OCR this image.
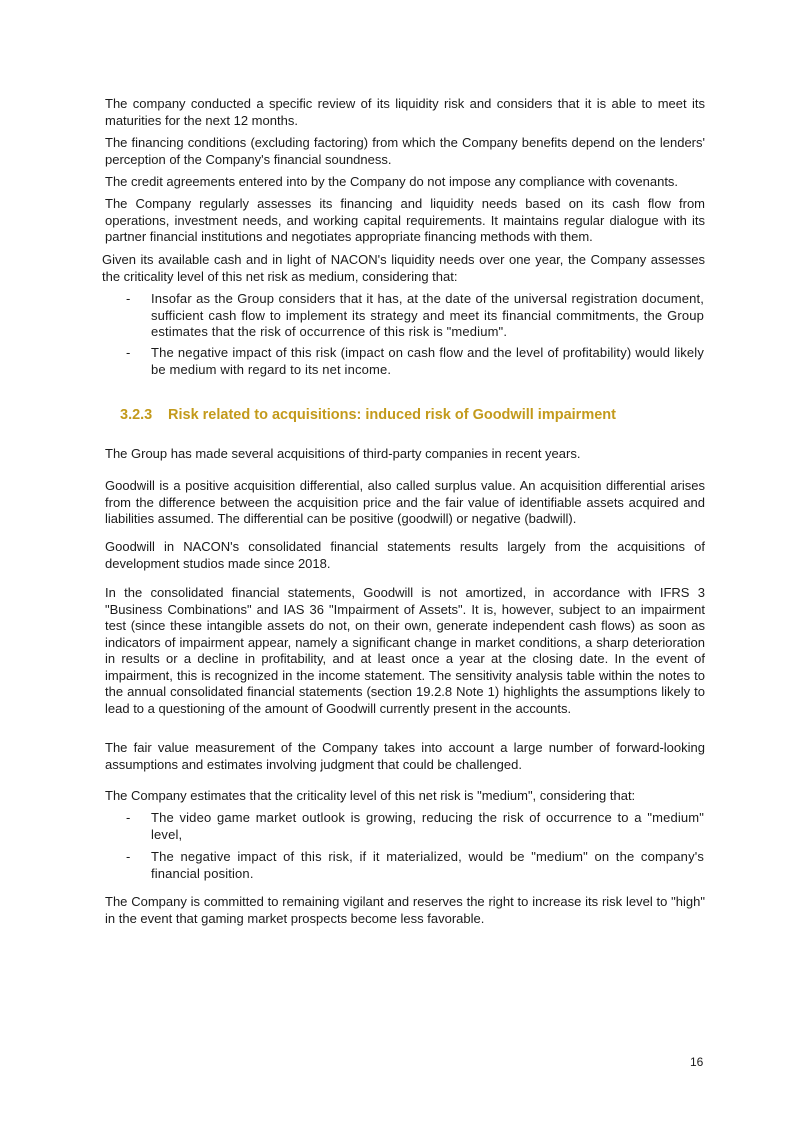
The company conducted a specific review of its liquidity risk and considers that it is able to meet its maturities for the next 12 months.

The financing conditions (excluding factoring) from which the Company benefits depend on the lenders' perception of the Company's financial soundness.

The credit agreements entered into by the Company do not impose any compliance with covenants.

The Company regularly assesses its financing and liquidity needs based on its cash flow from operations, investment needs, and working capital requirements. It maintains regular dialogue with its partner financial institutions and negotiates appropriate financing methods with them.

Given its available cash and in light of NACON's liquidity needs over one year, the Company assesses the criticality level of this net risk as medium, considering that:

- Insofar as the Group considers that it has, at the date of the universal registration document, sufficient cash flow to implement its strategy and meet its financial commitments, the Group estimates that the risk of occurrence of this risk is "medium".
- The negative impact of this risk (impact on cash flow and the level of profitability) would likely be medium with regard to its net income.
3.2.3 Risk related to acquisitions: induced risk of Goodwill impairment

The Group has made several acquisitions of third-party companies in recent years.

Goodwill is a positive acquisition differential, also called surplus value. An acquisition differential arises from the difference between the acquisition price and the fair value of identifiable assets acquired and liabilities assumed. The differential can be positive (goodwill) or negative (badwill).

Goodwill in NACON's consolidated financial statements results largely from the acquisitions of development studios made since 2018.

In the consolidated financial statements, Goodwill is not amortized, in accordance with IFRS 3 "Business Combinations" and IAS 36 "Impairment of Assets". It is, however, subject to an impairment test (since these intangible assets do not, on their own, generate independent cash flows) as soon as indicators of impairment appear, namely a significant change in market conditions, a sharp deterioration in results or a decline in profitability, and at least once a year at the closing date. In the event of impairment, this is recognized in the income statement. The sensitivity analysis table within the notes to the annual consolidated financial statements (section 19.2.8 Note 1) highlights the assumptions likely to lead to a questioning of the amount of Goodwill currently present in the accounts.

The fair value measurement of the Company takes into account a large number of forward-looking assumptions and estimates involving judgment that could be challenged.

The Company estimates that the criticality level of this net risk is "medium", considering that:

- The video game market outlook is growing, reducing the risk of occurrence to a "medium" level,
- The negative impact of this risk, if it materialized, would be "medium" on the company's financial position.

The Company is committed to remaining vigilant and reserves the right to increase its risk level to "high" in the event that gaming market prospects become less favorable.

16
